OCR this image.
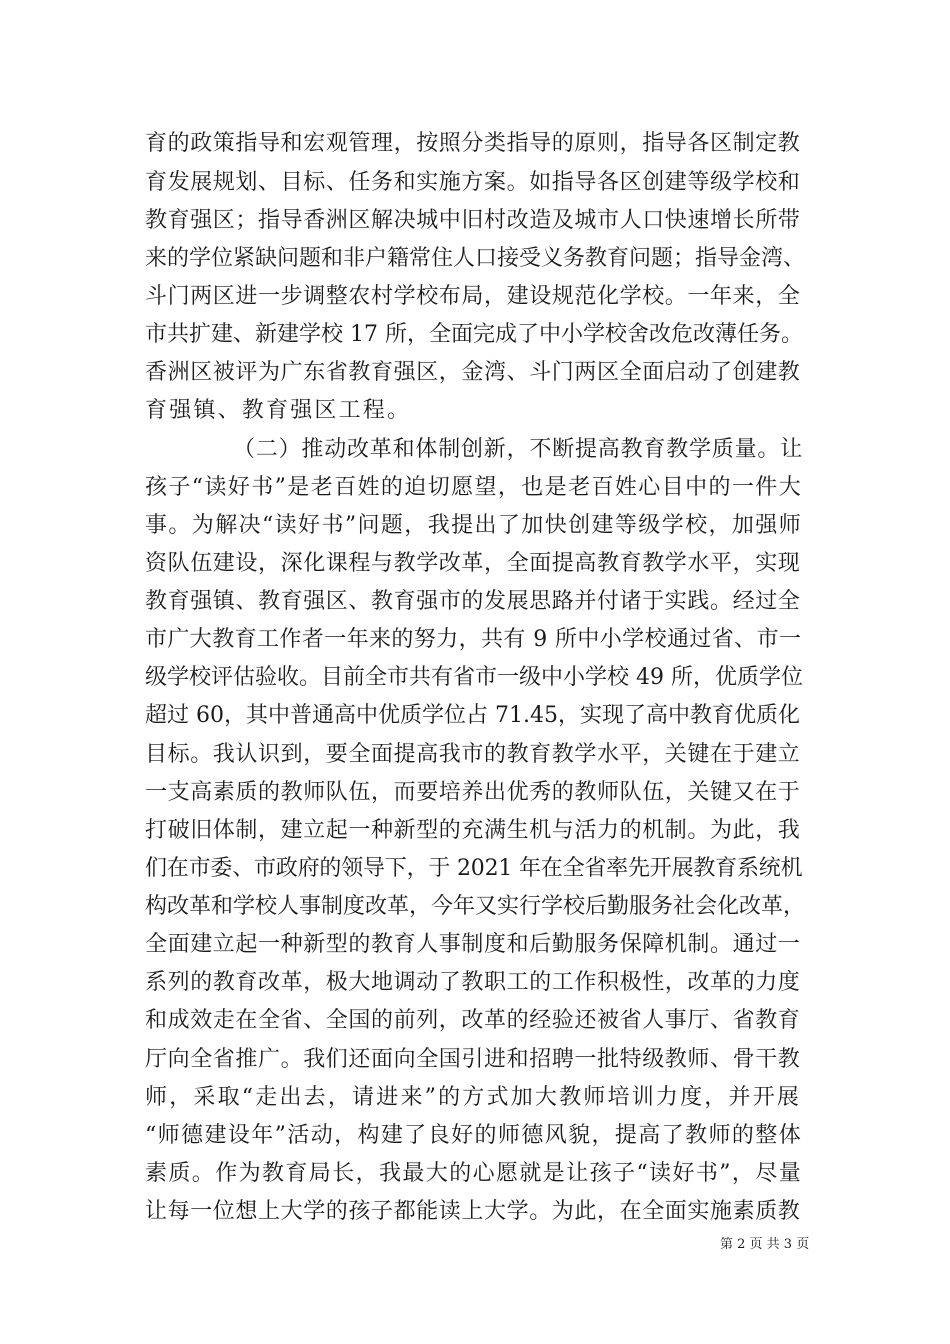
育的政策指导和宏观管理，按照分类指导的原则，指导各区制定教
育发展规划、目标、任务和实施方案。如指导各区创建等级学校和
教育强区；指导香洲区解决城中旧村改造及城市人口快速增长所带
来的学位紧缺问题和非户籍常住人口接受义务教育问题；指导金湾、
斗门两区进一步调整农村学校布局，建设规范化学校。一年来，全
市共扩建、新建学校 17 所，全面完成了中小学校舍改危改薄任务。
香洲区被评为广东省教育强区，金湾、斗门两区全面启动了创建教
育强镇、教育强区工程。
（二）推动改革和体制创新，不断提高教育教学质量。让
孩子“读好书”是老百姓的迫切愿望，也是老百姓心目中的一件大
事。为解决“读好书”问题，我提出了加快创建等级学校，加强师
资队伍建设，深化课程与教学改革，全面提高教育教学水平，实现
教育强镇、教育强区、教育强市的发展思路并付诸于实践。经过全
市广大教育工作者一年来的努力，共有 9 所中小学校通过省、市一
级学校评估验收。目前全市共有省市一级中小学校 49 所，优质学位
超过 60，其中普通高中优质学位占 71.45，实现了高中教育优质化
目标。我认识到，要全面提高我市的教育教学水平，关键在于建立
一支高素质的教师队伍，而要培养出优秀的教师队伍，关键又在于
打破旧体制，建立起一种新型的充满生机与活力的机制。为此，我
们在市委、市政府的领导下，于 2021 年在全省率先开展教育系统机
构改革和学校人事制度改革，今年又实行学校后勤服务社会化改革，
全面建立起一种新型的教育人事制度和后勤服务保障机制。通过一
系列的教育改革，极大地调动了教职工的工作积极性，改革的力度
和成效走在全省、全国的前列，改革的经验还被省人事厅、省教育
厅向全省推广。我们还面向全国引进和招聘一批特级教师、骨干教
师，采取“走出去，请进来”的方式加大教师培训力度，并开展
“师德建设年”活动，构建了良好的师德风貌，提高了教师的整体
素质。作为教育局长，我最大的心愿就是让孩子“读好书”，尽量
让每一位想上大学的孩子都能读上大学。为此，在全面实施素质教
第 2 页 共 3 页
